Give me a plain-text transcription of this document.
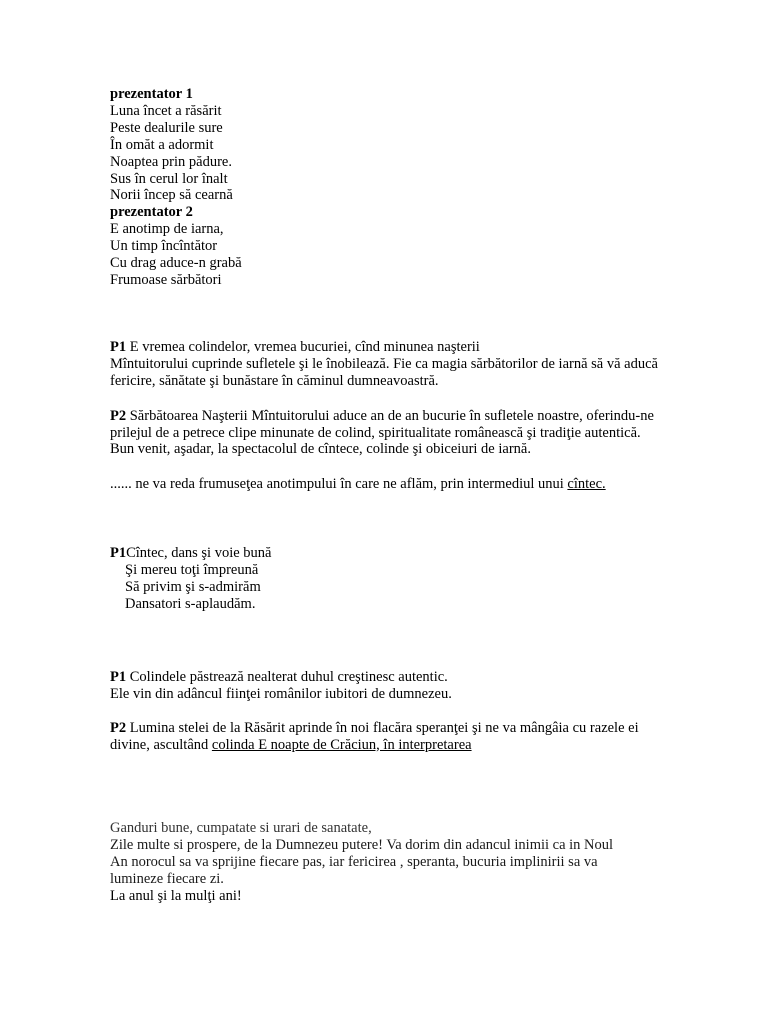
prezentator 1
Luna încet a răsărit
Peste dealurile sure
În omăt a adormit
Noaptea prin pădure.
Sus în cerul lor înalt
Norii încep să cearnă
prezentator 2
E anotimp de iarna,
Un timp încîntător
Cu drag aduce-n grabă
Frumoase sărbători
P1 E vremea colindelor, vremea bucuriei, cînd minunea naşterii
Mîntuitorului cuprinde sufletele şi le înobilează. Fie ca magia sărbătorilor de iarnă să vă aducă
fericire, sănătate şi bunăstare în căminul dumneavoastră.
P2 Sărbătoarea Naşterii Mîntuitorului aduce an de an bucurie în sufletele noastre, oferindu-ne
prilejul de a petrece clipe minunate de colind, spiritualitate românească şi tradiţie autentică.
Bun venit, aşadar, la spectacolul de cîntece, colinde şi obiceiuri de iarnă.
...... ne va reda frumuseţea anotimpului în care ne aflăm, prin intermediul unui cîntec.
P1Cîntec, dans şi voie bună
Şi mereu toţi împreună
Să privim şi s-admirăm
Dansatori s-aplaudăm.
P1 Colindele păstrează nealterat duhul creştinesc autentic.
Ele vin din adâncul fiinţei românilor iubitori de dumnezeu.
P2 Lumina stelei de la Răsărit aprinde în noi flacăra speranţei şi ne va mângâia cu razele ei
divine, ascultând colinda E noapte de Crăciun, în interpretarea
Ganduri bune, cumpatate si urari de sanatate,
Zile multe si prospere, de la Dumnezeu putere! Va dorim din adancul inimii ca in Noul
An norocul sa va sprijine fiecare pas, iar fericirea , speranta, bucuria implinirii sa va
lumineze fiecare zi.
La anul şi la mulţi ani!
